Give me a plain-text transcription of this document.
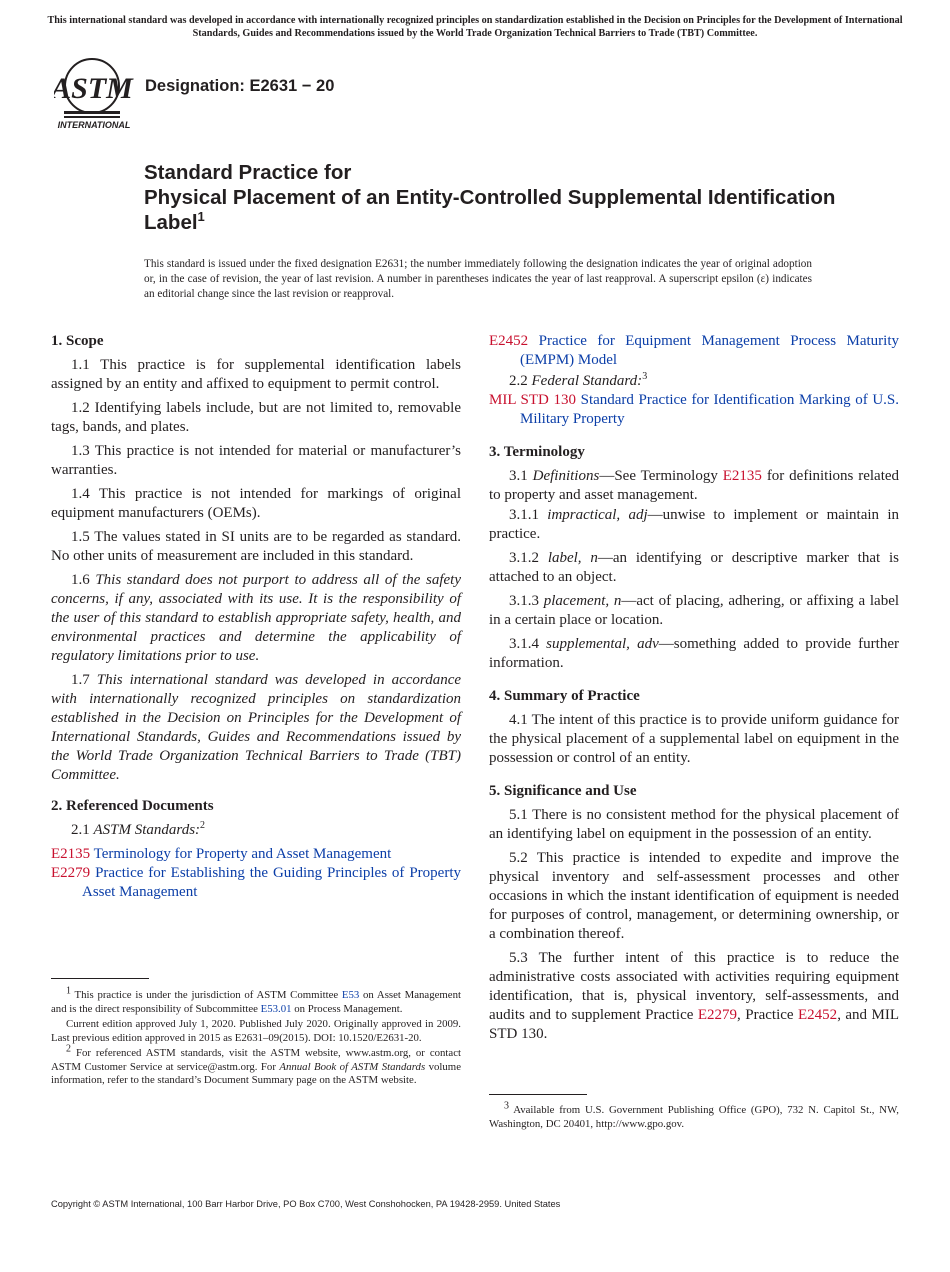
This international standard was developed in accordance with internationally recognized principles on standardization established in the Decision on Principles for the Development of International Standards, Guides and Recommendations issued by the World Trade Organization Technical Barriers to Trade (TBT) Committee.
ASTM
INTERNATIONAL
Designation: E2631 − 20
Standard Practice for
Physical Placement of an Entity-Controlled Supplemental Identification Label$^1$
This standard is issued under the fixed designation E2631; the number immediately following the designation indicates the year of original adoption or, in the case of revision, the year of last revision. A number in parentheses indicates the year of last reapproval. A superscript epsilon (ε) indicates an editorial change since the last revision or reapproval.
1. Scope

1.1 This practice is for supplemental identification labels assigned by an entity and affixed to equipment to permit control.

1.2 Identifying labels include, but are not limited to, removable tags, bands, and plates.

1.3 This practice is not intended for material or manufacturer’s warranties.

1.4 This practice is not intended for markings of original equipment manufacturers (OEMs).

1.5 The values stated in SI units are to be regarded as standard. No other units of measurement are included in this standard.

1.6 This standard does not purport to address all of the safety concerns, if any, associated with its use. It is the responsibility of the user of this standard to establish appropriate safety, health, and environmental practices and determine the applicability of regulatory limitations prior to use.

1.7 This international standard was developed in accordance with internationally recognized principles on standardization established in the Decision on Principles for the Development of International Standards, Guides and Recommendations issued by the World Trade Organization Technical Barriers to Trade (TBT) Committee.

2. Referenced Documents

2.1 ASTM Standards:$^2$

E2135 Terminology for Property and Asset Management
E2279 Practice for Establishing the Guiding Principles of Property Asset Management

$^1$ This practice is under the jurisdiction of ASTM Committee E53 on Asset Management and is the direct responsibility of Subcommittee E53.01 on Process Management.

Current edition approved July 1, 2020. Published July 2020. Originally approved in 2009. Last previous edition approved in 2015 as E2631–09(2015). DOI: 10.1520/E2631-20.

$^2$ For referenced ASTM standards, visit the ASTM website, www.astm.org, or contact ASTM Customer Service at service@astm.org. For Annual Book of ASTM Standards volume information, refer to the standard’s Document Summary page on the ASTM website.

E2452 Practice for Equipment Management Process Maturity (EMPM) Model

2.2 Federal Standard:$^3$

MIL STD 130 Standard Practice for Identification Marking of U.S. Military Property
3. Terminology

3.1 Definitions—See Terminology E2135 for definitions related to property and asset management.

3.1.1 impractical, adj—unwise to implement or maintain in practice.

3.1.2 label, n—an identifying or descriptive marker that is attached to an object.

3.1.3 placement, n—act of placing, adhering, or affixing a label in a certain place or location.

3.1.4 supplemental, adv—something added to provide further information.

4. Summary of Practice

4.1 The intent of this practice is to provide uniform guidance for the physical placement of a supplemental label on equipment in the possession or control of an entity.

5. Significance and Use

5.1 There is no consistent method for the physical placement of an identifying label on equipment in the possession of an entity.

5.2 This practice is intended to expedite and improve the physical inventory and self-assessment processes and other occasions in which the instant identification of equipment is needed for purposes of control, management, or determining ownership, or a combination thereof.

5.3 The further intent of this practice is to reduce the administrative costs associated with activities requiring equipment identification, that is, physical inventory, self-assessments, and audits and to supplement Practice E2279, Practice E2452, and MIL STD 130.

$^3$ Available from U.S. Government Publishing Office (GPO), 732 N. Capitol St., NW, Washington, DC 20401, http://www.gpo.gov.

Copyright © ASTM International, 100 Barr Harbor Drive, PO Box C700, West Conshohocken, PA 19428-2959. United States
